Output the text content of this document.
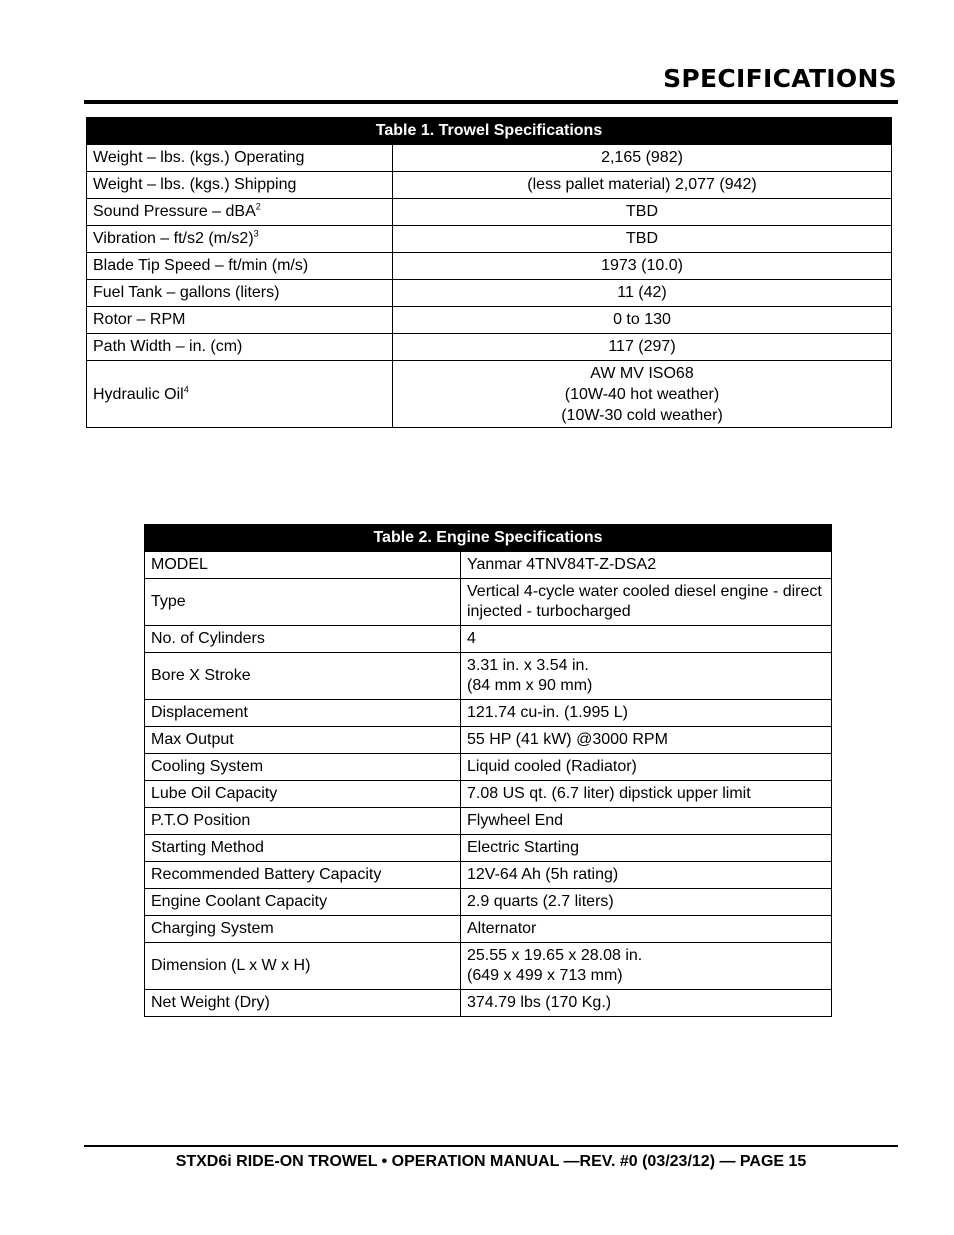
SPECIFICATIONS
Table 1. Trowel Specifications	
Weight – lbs. (kgs.) Operating	2,165 (982)

Weight – lbs. (kgs.) Shipping	(less pallet material) 2,077 (942)

Sound Pressure – dBA$^2$	TBD

Vibration – ft/s2 $(m/s2)^3$	TBD

Blade Tip Speed – ft/min (m/s)	1973 (10.0)

Fuel Tank – gallons (liters)	11 (42)

Rotor – RPM	0 to 130

Path Width – in. (cm)	117 (297)

Hydraulic Oil$^4$	AW MV ISO68
(10W-40 hot weather)
(10W-30 cold weather)
Table 2. Engine Specifications	
MODEL	Yanmar 4TNV84T-Z-DSA2

Type	Vertical 4-cycle water cooled diesel engine - direct
injected - turbocharged

No. of Cylinders	4

Bore X Stroke	3.31 in. x 3.54 in.
(84 mm x 90 mm)

Displacement	121.74 cu-in. (1.995 L)

Max Output	55 HP (41 kW) @3000 RPM

Cooling System	Liquid cooled (Radiator)

Lube Oil Capacity	7.08 US qt. (6.7 liter) dipstick upper limit

P.T.O Position	Flywheel End

Starting Method	Electric Starting

Recommended Battery Capacity	12V-64 Ah (5h rating)

Engine Coolant Capacity	2.9 quarts (2.7 liters)

Charging System	Alternator

Dimension (L x W x H)	25.55 x 19.65 x 28.08 in.
(649 x 499 x 713 mm)

Net Weight (Dry)	374.79 lbs (170 Kg.)
STXD6i RIDE-ON TROWEL • OPERATION MANUAL —REV. #0 (03/23/12) — PAGE 15
